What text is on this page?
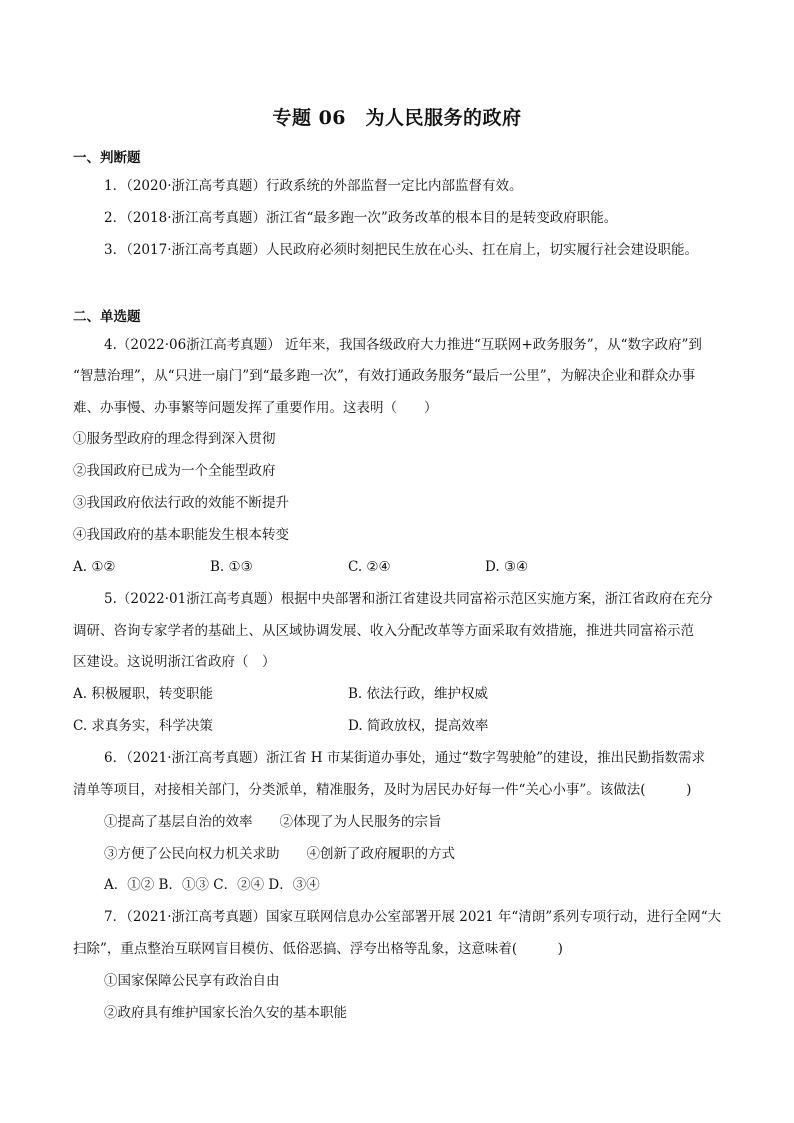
专题 06　为人民服务的政府
一、判断题
1．（2020·浙江高考真题）行政系统的外部监督一定比内部监督有效。
2．（2018·浙江高考真题）浙江省“最多跑一次”政务改革的根本目的是转变政府职能。
3．（2017·浙江高考真题）人民政府必须时刻把民生放在心头、扛在肩上，切实履行社会建设职能。
二、单选题
4.（2022·06浙江高考真题） 近年来，我国各级政府大力推进“互联网+政务服务”，从“数字政府”到
“智慧治理”，从“只进一扇门”到“最多跑一次”，有效打通政务服务“最后一公里”，为解决企业和群众办事
难、办事慢、办事繁等问题发挥了重要作用。这表明（　　）
①服务型政府的理念得到深入贯彻
②我国政府已成为一个全能型政府
③我国政府依法行政的效能不断提升
④我国政府的基本职能发生根本转变
A. ①②	B. ①③	C. ②④	D. ③④
5.（2022·01浙江高考真题）根据中央部署和浙江省建设共同富裕示范区实施方案，浙江省政府在充分
调研、咨询专家学者的基础上、从区域协调发展、收入分配改革等方面采取有效措施，推进共同富裕示范
区建设。这说明浙江省政府（　）
A. 积极履职，转变职能	B. 依法行政，维护权威
C. 求真务实，科学决策	D. 简政放权，提高效率
6．（2021·浙江高考真题）浙江省 H 市某街道办事处，通过“数字驾驶舱”的建设，推出民勤指数需求
清单等项目，对接相关部门，分类派单，精准服务，及时为居民办好每一件“关心小事”。该做法(　　　)
①提高了基层自治的效率　　②体现了为人民服务的宗旨
③方便了公民向权力机关求助　　④创新了政府履职的方式
A．①② B．①③ C．②④ D．③④
7．（2021·浙江高考真题）国家互联网信息办公室部署开展 2021 年“清朗”系列专项行动，进行全网“大
扫除”，重点整治互联网盲目模仿、低俗恶搞、浮夸出格等乱象，这意味着(　　　)
①国家保障公民享有政治自由
②政府具有维护国家长治久安的基本职能
